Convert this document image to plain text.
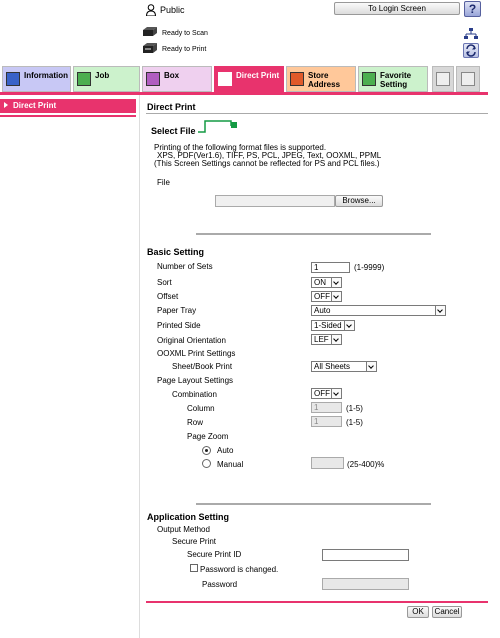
Public	To Login Screen	?
Ready to Scan
Ready to Print
Information	Job	Box	Direct Print	Store Address
Favorite Setting
Direct Print	Direct Print
Select File
Printing of the following format files is supported.
XPS, PDF(Ver1.6), TIFF, PS, PCL, JPEG, Text, OOXML, PPML
(This Screen Settings cannot be reflected for PS and PCL files.)
File
Browse...
Basic Setting
Number of Sets	1	(1-9999)
Sort	ON
Offset	OFF
Paper Tray	Auto
Printed Side	1-Sided
Original Orientation	LEF
OOXML Print Settings
Sheet/Book Print	All Sheets
Page Layout Settings
Combination	OFF
Column	1	(1-5)
Row	1	(1-5)
Page Zoom
Auto
Manual	(25-400)%
Application Setting
Output Method
Secure Print
Secure Print ID
Password is changed.
Password
OK	Cancel
